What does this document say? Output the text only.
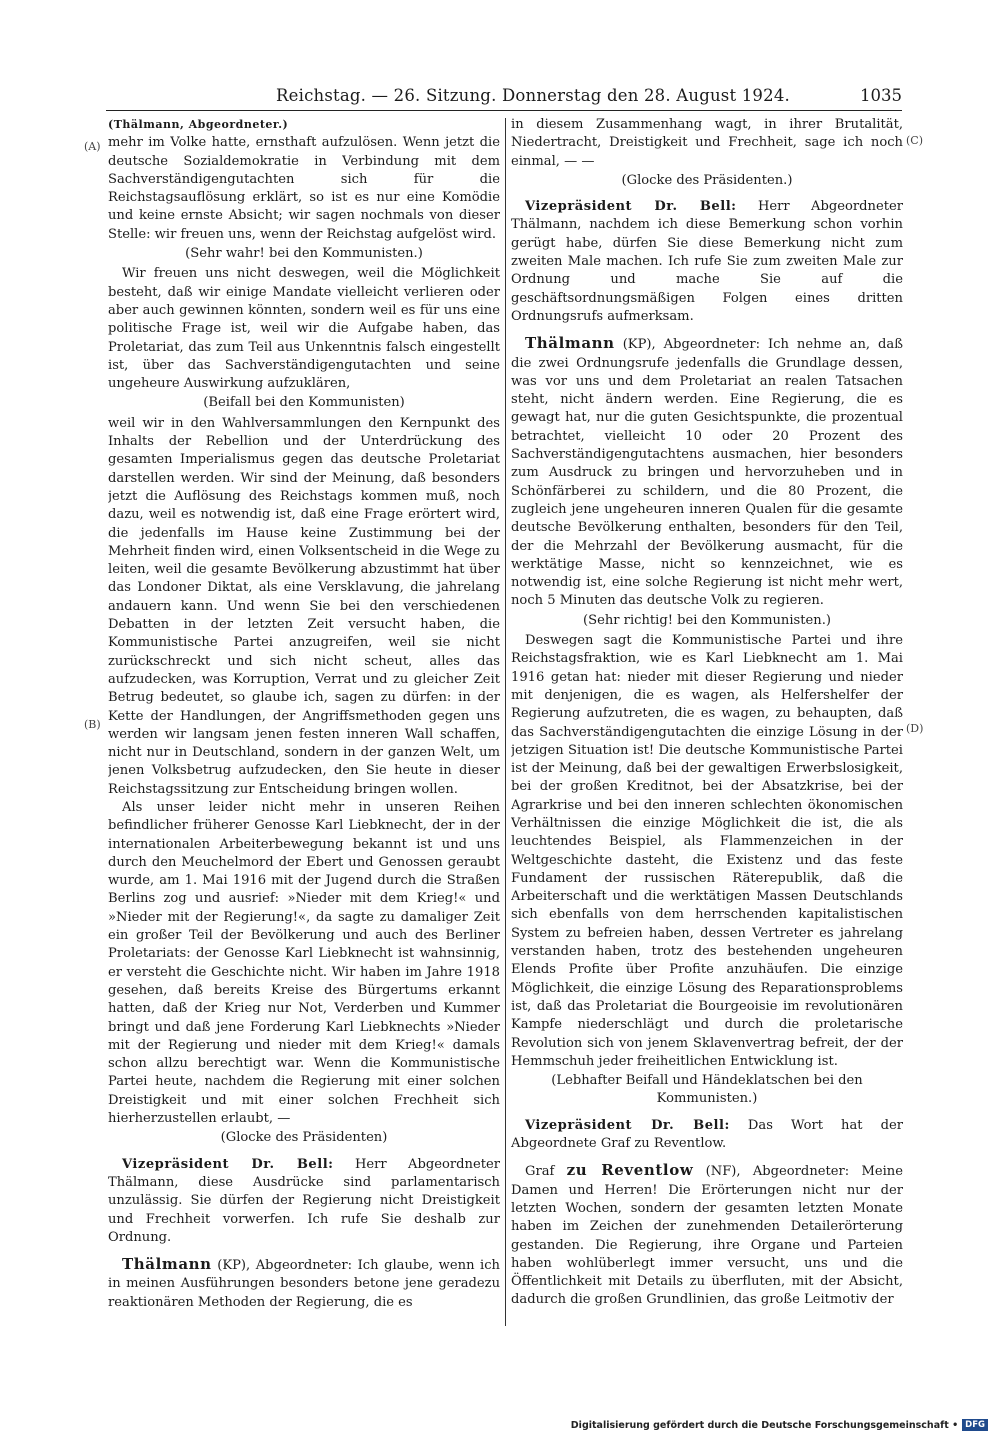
Reichstag. — 26. Sitzung. Donnerstag den 28. August 1924.	1035
(A)
(B)
(C)
(D)

(Thälmann, Abgeordneter.)

mehr im Volke hatte, ernsthaft aufzulösen. Wenn jetzt die deutsche Sozialdemokratie in Verbindung mit dem Sachverständigengutachten sich für die Reichstagsauflösung erklärt, so ist es nur eine Komödie und keine ernste Absicht; wir sagen nochmals von dieser Stelle: wir freuen uns, wenn der Reichstag aufgelöst wird.

(Sehr wahr! bei den Kommunisten.)

Wir freuen uns nicht deswegen, weil die Möglichkeit besteht, daß wir einige Mandate vielleicht verlieren oder aber auch gewinnen könnten, sondern weil es für uns eine politische Frage ist, weil wir die Aufgabe haben, das Proletariat, das zum Teil aus Unkenntnis falsch eingestellt ist, über das Sachverständigengutachten und seine ungeheure Auswirkung aufzuklären,

(Beifall bei den Kommunisten)

weil wir in den Wahlversammlungen den Kernpunkt des Inhalts der Rebellion und der Unterdrückung des gesamten Imperialismus gegen das deutsche Proletariat darstellen werden. Wir sind der Meinung, daß besonders jetzt die Auflösung des Reichstags kommen muß, noch dazu, weil es notwendig ist, daß eine Frage erörtert wird, die jedenfalls im Hause keine Zustimmung bei der Mehrheit finden wird, einen Volksentscheid in die Wege zu leiten, weil die gesamte Bevölkerung abzustimmt hat über das Londoner Diktat, als eine Versklavung, die jahrelang andauern kann. Und wenn Sie bei den verschiedenen Debatten in der letzten Zeit versucht haben, die Kommunistische Partei anzugreifen, weil sie nicht zurückschreckt und sich nicht scheut, alles das aufzudecken, was Korruption, Verrat und zu gleicher Zeit Betrug bedeutet, so glaube ich, sagen zu dürfen: in der Kette der Handlungen, der Angriffsmethoden gegen uns werden wir langsam jenen festen inneren Wall schaffen, nicht nur in Deutschland, sondern in der ganzen Welt, um jenen Volksbetrug aufzudecken, den Sie heute in dieser Reichstagssitzung zur Entscheidung bringen wollen.

Als unser leider nicht mehr in unseren Reihen befindlicher früherer Genosse Karl Liebknecht, der in der internationalen Arbeiterbewegung bekannt ist und uns durch den Meuchelmord der Ebert und Genossen geraubt wurde, am 1. Mai 1916 mit der Jugend durch die Straßen Berlins zog und ausrief: »Nieder mit dem Krieg!« und »Nieder mit der Regierung!«, da sagte zu damaliger Zeit ein großer Teil der Bevölkerung und auch des Berliner Proletariats: der Genosse Karl Liebknecht ist wahnsinnig, er versteht die Geschichte nicht. Wir haben im Jahre 1918 gesehen, daß bereits Kreise des Bürgertums erkannt hatten, daß der Krieg nur Not, Verderben und Kummer bringt und daß jene Forderung Karl Liebknechts »Nieder mit der Regierung und nieder mit dem Krieg!« damals schon allzu berechtigt war. Wenn die Kommunistische Partei heute, nachdem die Regierung mit einer solchen Dreistigkeit und mit einer solchen Frechheit sich hierherzustellen erlaubt, —

(Glocke des Präsidenten)

Vizepräsident Dr. Bell: Herr Abgeordneter Thälmann, diese Ausdrücke sind parlamentarisch unzulässig. Sie dürfen der Regierung nicht Dreistigkeit und Frechheit vorwerfen. Ich rufe Sie deshalb zur Ordnung.

Thälmann (KP), Abgeordneter: Ich glaube, wenn ich in meinen Ausführungen besonders betone jene geradezu reaktionären Methoden der Regierung, die es

in diesem Zusammenhang wagt, in ihrer Brutalität, Niedertracht, Dreistigkeit und Frechheit, sage ich noch einmal, — —

(Glocke des Präsidenten.)

Vizepräsident Dr. Bell: Herr Abgeordneter Thälmann, nachdem ich diese Bemerkung schon vorhin gerügt habe, dürfen Sie diese Bemerkung nicht zum zweiten Male machen. Ich rufe Sie zum zweiten Male zur Ordnung und mache Sie auf die geschäftsordnungsmäßigen Folgen eines dritten Ordnungsrufs aufmerksam.

Thälmann (KP), Abgeordneter: Ich nehme an, daß die zwei Ordnungsrufe jedenfalls die Grundlage dessen, was vor uns und dem Proletariat an realen Tatsachen steht, nicht ändern werden. Eine Regierung, die es gewagt hat, nur die guten Gesichtspunkte, die prozentual betrachtet, vielleicht 10 oder 20 Prozent des Sachverständigengutachtens ausmachen, hier besonders zum Ausdruck zu bringen und hervorzuheben und in Schönfärberei zu schildern, und die 80 Prozent, die zugleich jene ungeheuren inneren Qualen für die gesamte deutsche Bevölkerung enthalten, besonders für den Teil, der die Mehrzahl der Bevölkerung ausmacht, für die werktätige Masse, nicht so kennzeichnet, wie es notwendig ist, eine solche Regierung ist nicht mehr wert, noch 5 Minuten das deutsche Volk zu regieren.

(Sehr richtig! bei den Kommunisten.)

Deswegen sagt die Kommunistische Partei und ihre Reichstagsfraktion, wie es Karl Liebknecht am 1. Mai 1916 getan hat: nieder mit dieser Regierung und nieder mit denjenigen, die es wagen, als Helfershelfer der Regierung aufzutreten, die es wagen, zu behaupten, daß das Sachverständigengutachten die einzige Lösung in der jetzigen Situation ist! Die deutsche Kommunistische Partei ist der Meinung, daß bei der gewaltigen Erwerbslosigkeit, bei der großen Kreditnot, bei der Absatzkrise, bei der Agrarkrise und bei den inneren schlechten ökonomischen Verhältnissen die einzige Möglichkeit die ist, die als leuchtendes Beispiel, als Flammenzeichen in der Weltgeschichte dasteht, die Existenz und das feste Fundament der russischen Räterepublik, daß die Arbeiterschaft und die werktätigen Massen Deutschlands sich ebenfalls von dem herrschenden kapitalistischen System zu befreien haben, dessen Vertreter es jahrelang verstanden haben, trotz des bestehenden ungeheuren Elends Profite über Profite anzuhäufen. Die einzige Möglichkeit, die einzige Lösung des Reparationsproblems ist, daß das Proletariat die Bourgeoisie im revolutionären Kampfe niederschlägt und durch die proletarische Revolution sich von jenem Sklavenvertrag befreit, der der Hemmschuh jeder freiheitlichen Entwicklung ist.

(Lebhafter Beifall und Händeklatschen bei den Kommunisten.)

Vizepräsident Dr. Bell: Das Wort hat der Abgeordnete Graf zu Reventlow.

Graf zu Reventlow (NF), Abgeordneter: Meine Damen und Herren! Die Erörterungen nicht nur der letzten Wochen, sondern der gesamten letzten Monate haben im Zeichen der zunehmenden Detailerörterung gestanden. Die Regierung, ihre Organe und Parteien haben wohlüberlegt immer versucht, uns und die Öffentlichkeit mit Details zu überfluten, mit der Absicht, dadurch die großen Grundlinien, das große Leitmotiv der

Digitalisierung gefördert durch die Deutsche Forschungsgemeinschaft • DFG
